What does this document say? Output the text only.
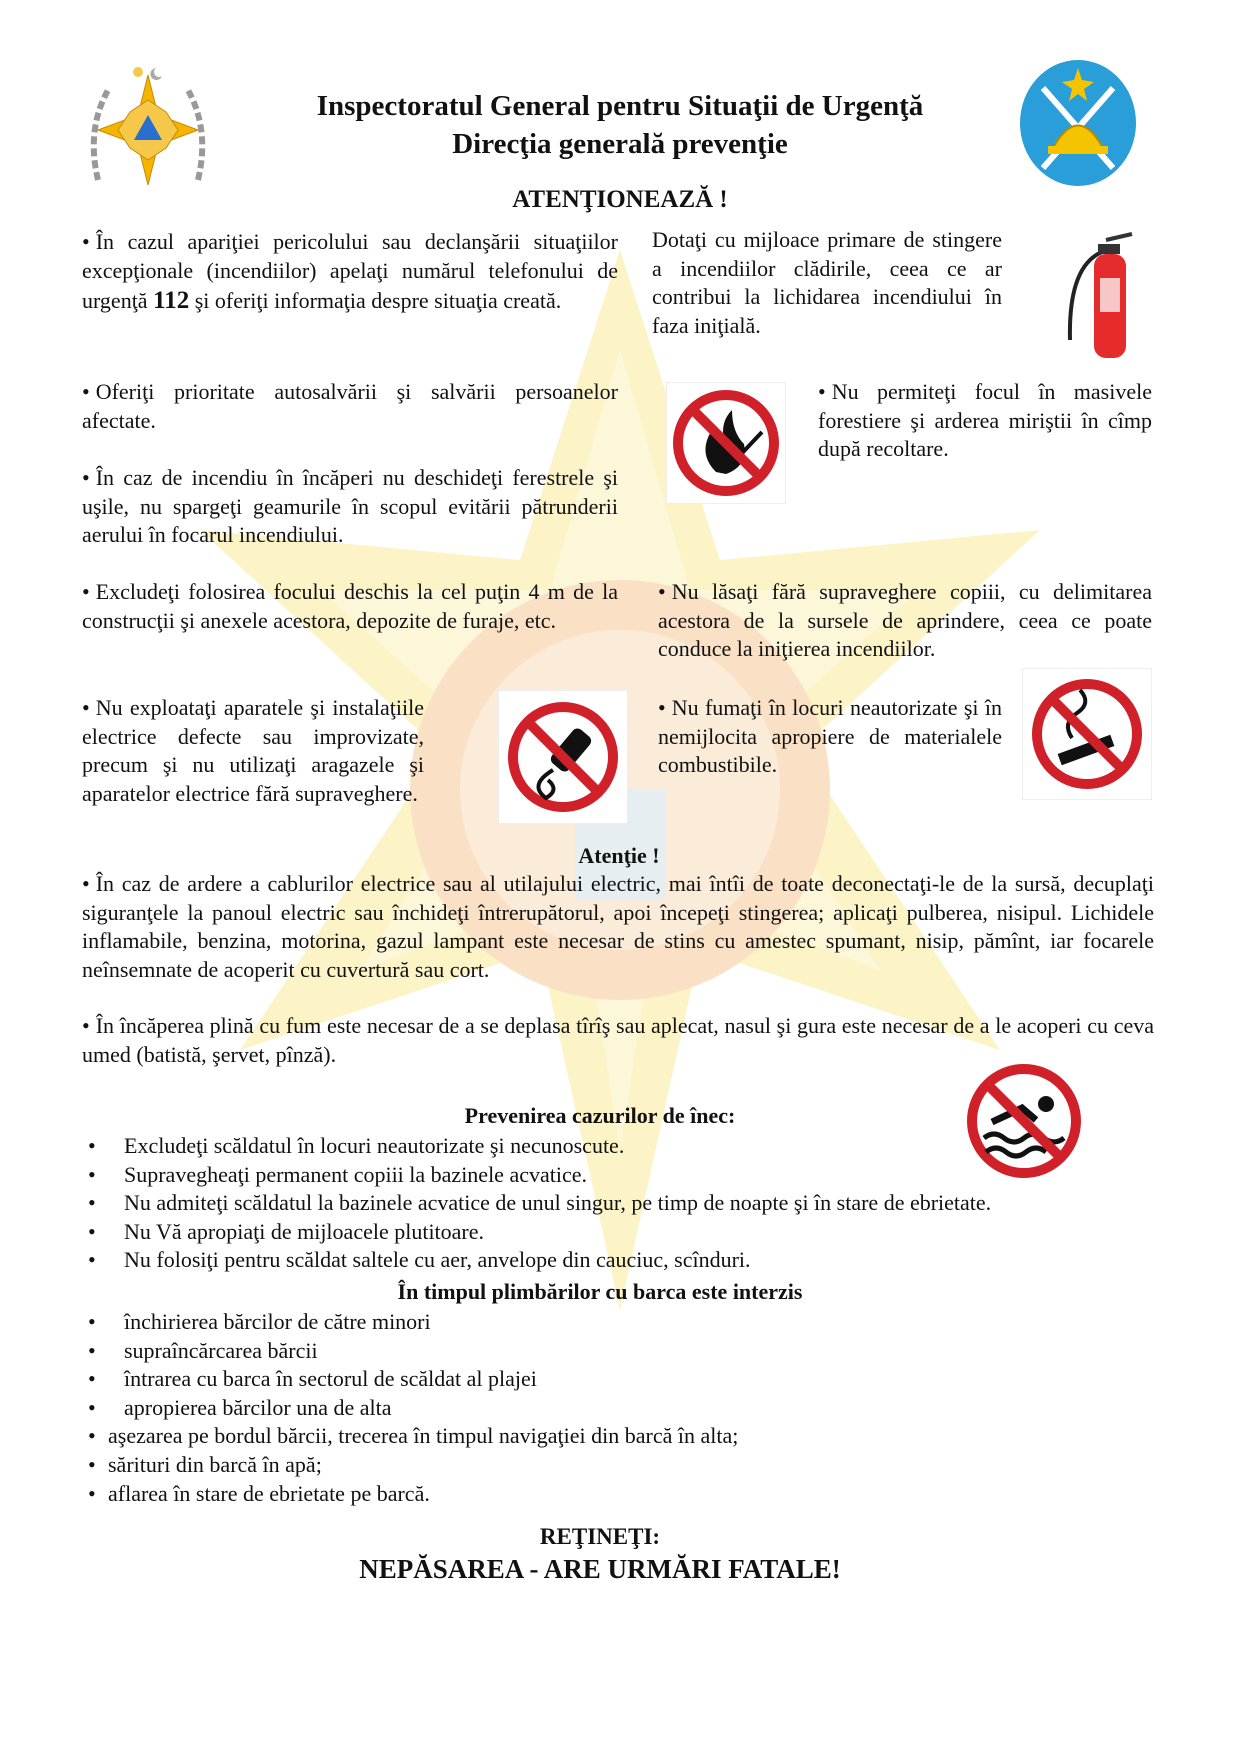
Inspectoratul General pentru Situaţii de Urgenţă
Direcţia generală prevenţie
ATENŢIONEAZĂ !
• În cazul apariţiei pericolului sau declanşării situaţiilor excepţionale (incendiilor) apelaţi numărul telefonului de urgenţă 112 şi oferiţi informaţia despre situaţia creată.
• Oferiţi prioritate autosalvării şi salvării persoanelor afectate.
• În caz de incendiu în încăperi nu deschideţi ferestrele şi uşile, nu spargeţi geamurile în scopul evitării pătrunderii aerului în focarul incendiului.
• Excludeţi folosirea focului deschis la cel puţin 4 m de la construcţii şi anexele acestora, depozite de furaje, etc.
• Nu exploataţi aparatele şi instalaţiile electrice defecte sau improvizate, precum şi nu utilizaţi aragazele şi aparatelor electrice fără supraveghere.
Dotaţi cu mijloace primare de stingere a incendiilor clădirile, ceea ce ar contribui la lichidarea incendiului în faza iniţială.
• Nu permiteţi focul în masivele forestiere şi arderea miriştii în cîmp după recoltare.
• Nu lăsaţi fără supraveghere copiii, cu delimitarea acestora de la sursele de aprindere, ceea ce poate conduce la iniţierea incendiilor.
• Nu fumaţi în locuri neautorizate şi în nemijlocita apropiere de materialele combustibile.
Atenţie !
• În caz de ardere a cablurilor electrice sau al utilajului electric, mai întîi de toate deconectaţi-le de la sursă, decuplaţi siguranţele la panoul electric sau închideţi întrerupătorul, apoi începeţi stingerea; aplicaţi pulberea, nisipul. Lichidele inflamabile, benzina, motorina, gazul lampant este necesar de stins cu amestec spumant, nisip, pămînt, iar focarele neînsemnate de acoperit cu cuvertură sau cort.
• În încăperea plină cu fum este necesar de a se deplasa tîrîş sau aplecat, nasul şi gura este necesar de a le acoperi cu ceva umed (batistă, şervet, pînză).
Prevenirea cazurilor de înec:
• Excludeţi scăldatul în locuri neautorizate şi necunoscute.
• Supravegheaţi permanent copiii la bazinele acvatice.
• Nu admiteţi scăldatul la bazinele acvatice de unul singur, pe timp de noapte şi în stare de ebrietate.
• Nu Vă apropiaţi de mijloacele plutitoare.
• Nu folosiţi pentru scăldat saltele cu aer, anvelope din cauciuc, scînduri.
În timpul plimbărilor cu barca este interzis
• închirierea bărcilor de către minori
• supraîncărcarea bărcii
• întrarea cu barca în sectorul de scăldat al plajei
• apropierea bărcilor una de alta
• aşezarea pe bordul bărcii, trecerea în timpul navigaţiei din barcă în alta;
• sărituri din barcă în apă;
• aflarea în stare de ebrietate pe barcă.
REŢINEŢI:
NEPĂSAREA - ARE URMĂRI FATALE!
